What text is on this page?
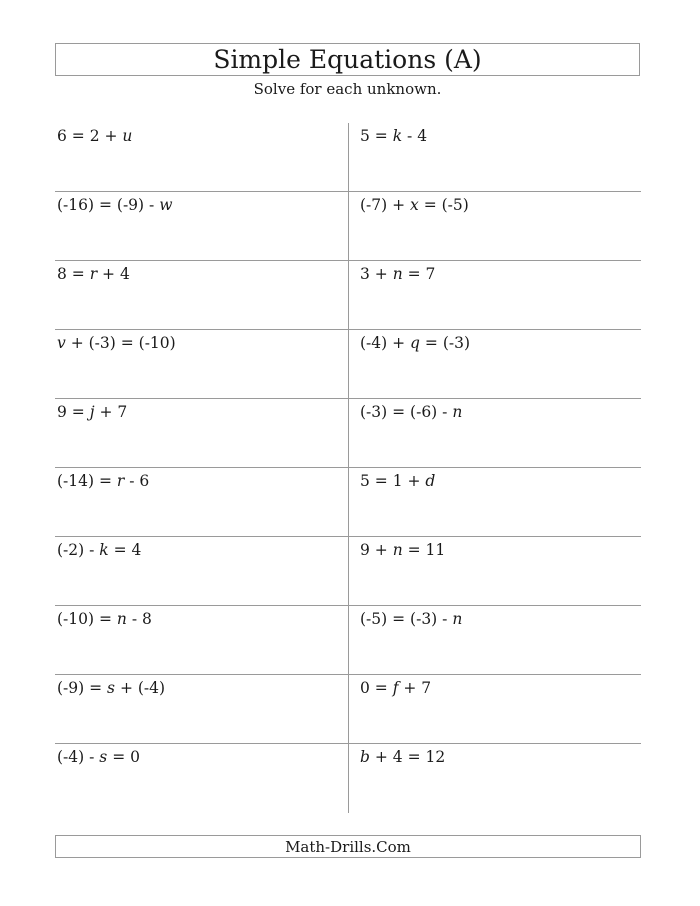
Simple Equations (A)
Solve for each unknown.
6 = 2 + u	5 = k - 4
(-16) = (-9) - w	(-7) + x = (-5)
8 = r + 4	3 + n = 7
v + (-3) = (-10)	(-4) + q = (-3)
9 = j + 7	(-3) = (-6) - n
(-14) = r - 6	5 = 1 + d
(-2) - k = 4	9 + n = 11
(-10) = n - 8	(-5) = (-3) - n
(-9) = s + (-4)	0 = f + 7
(-4) - s = 0	b + 4 = 12
Math-Drills.Com
